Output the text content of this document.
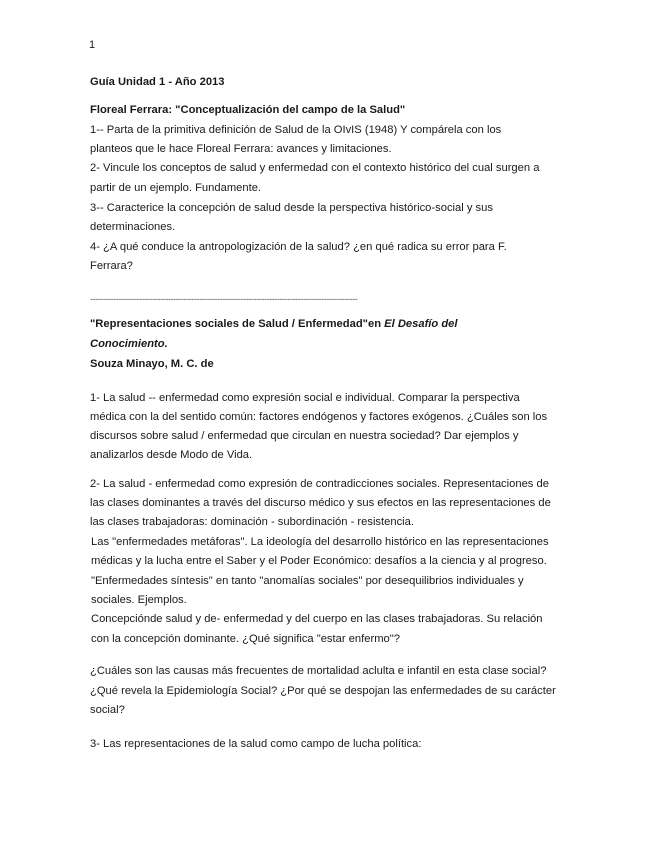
1
Guía Unidad 1 - Año 2013
Floreal Ferrara: "Conceptualización del campo de la Salud"
1-- Parta de la primitiva definición de Salud de la OIvIS (1948) Y compárela con los
planteos que le hace Floreal Ferrara: avances y limitaciones.
2- Vincule los conceptos de salud y enfermedad con el contexto histórico del cual surgen a
partir de un ejemplo. Fundamente.
3-- Caracterice la concepción de salud desde la perspectiva histórico-social y sus
determinaciones.
4- ¿A qué conduce la antropologización de la salud? ¿en qué radica su error para F.
Ferrara?
-------------------------------------------------------------------------------------------------------
"Representaciones sociales de Salud / Enfermedad"en El Desafío del
Conocimiento.
Souza Minayo, M. C. de
1- La salud -- enfermedad como expresión social e individual. Comparar la perspectiva
médica con la del sentido común: factores endógenos y factores exógenos. ¿Cuáles son los
discursos sobre salud / enfermedad que circulan en nuestra sociedad? Dar ejemplos y
analizarlos desde Modo de Vida.
2- La salud - enfermedad como expresión de contradicciones sociales. Representaciones de
las clases dominantes a través del discurso médico y sus efectos en las representaciones de
las clases trabajadoras: dominación - subordinación - resistencia.
Las "enfermedades metáforas". La ideología del desarrollo histórico en las representaciones
médicas y la lucha entre el Saber y el Poder Económico: desafíos a la ciencia y al progreso.
"Enfermedades síntesis" en tanto "anomalías sociales" por desequilibrios individuales y
sociales. Ejemplos.
Concepciónde salud y de- enfermedad y del cuerpo en las clases trabajadoras. Su relación
con la concepción dominante. ¿Qué significa "estar enfermo"?
¿Cuáles son las causas más frecuentes de mortalidad aclulta e infantil en esta clase social?
¿Qué revela la Epidemiología Social? ¿Por qué se despojan las enfermedades de su carácter
social?
3- Las representaciones de la salud como campo de lucha política:
